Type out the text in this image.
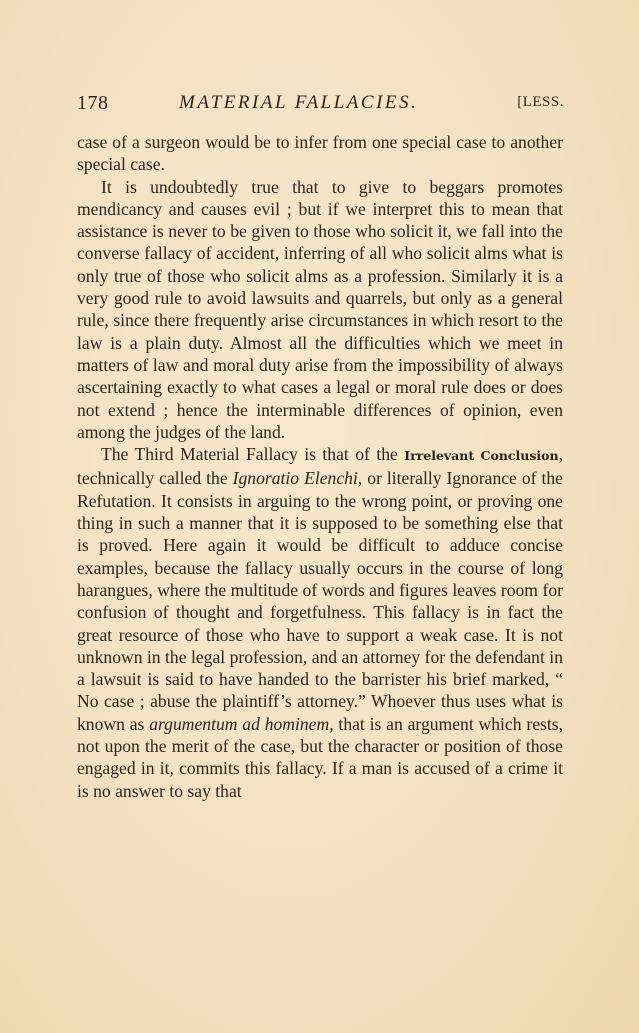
178	MATERIAL FALLACIES.	[LESS.

case of a surgeon would be to infer from one special case to another special case.

It is undoubtedly true that to give to beggars promotes mendicancy and causes evil ; but if we interpret this to mean that assistance is never to be given to those who solicit it, we fall into the converse fallacy of accident, inferring of all who solicit alms what is only true of those who solicit alms as a profession. Similarly it is a very good rule to avoid lawsuits and quarrels, but only as a general rule, since there frequently arise circumstances in which resort to the law is a plain duty. Almost all the difficulties which we meet in matters of law and moral duty arise from the impossibility of always ascertaining exactly to what cases a legal or moral rule does or does not extend ; hence the interminable differences of opinion, even among the judges of the land.

The Third Material Fallacy is that of the Irrelevant Conclusion, technically called the Ignoratio Elenchi, or literally Ignorance of the Refutation. It consists in arguing to the wrong point, or proving one thing in such a manner that it is supposed to be something else that is proved. Here again it would be difficult to adduce concise examples, because the fallacy usually occurs in the course of long harangues, where the multitude of words and figures leaves room for confusion of thought and forgetfulness. This fallacy is in fact the great resource of those who have to support a weak case. It is not unknown in the legal profession, and an attorney for the defendant in a lawsuit is said to have handed to the barrister his brief marked, “ No case ; abuse the plaintiff’s attorney.” Whoever thus uses what is known as argumentum ad hominem, that is an argument which rests, not upon the merit of the case, but the character or position of those engaged in it, commits this fallacy. If a man is accused of a crime it is no answer to say that
